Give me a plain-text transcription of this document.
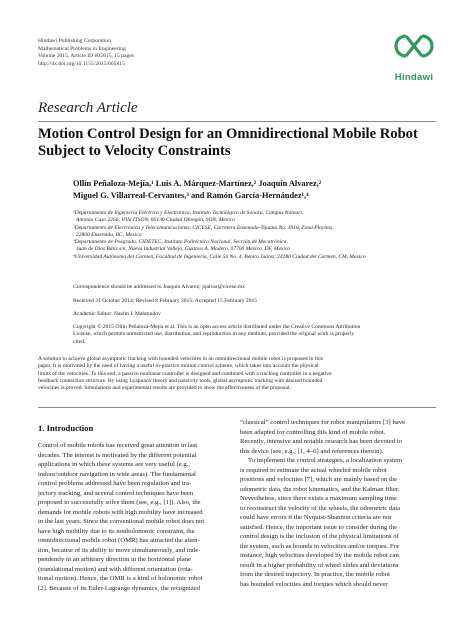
Hindawi Publishing Corporation
Mathematical Problems in Engineering
Volume 2015, Article ID 605815, 15 pages
http://dx.doi.org/10.1155/2015/605815
Hindawi
Research Article
Motion Control Design for an Omnidirectional Mobile Robot
Subject to Velocity Constraints
Ollin Peñaloza-Mejía,¹ Luis A. Márquez-Martínez,² Joaquín Alvarez,²
Miguel G. Villarreal-Cervantes,³ and Ramón García-Hernández¹,⁴
¹Departamento de Ingeniería Eléctrica y Electrónica, Instituto Tecnológico de Sonora, Campus Náinari,
Antonio Caso 2266, Villa ITSON, 85130 Ciudad Obregón, SON, Mexico
²Departamento de Electrónica y Telecomunicaciones, CICESE, Carretera Ensenada-Tijuana No. 3918, Zona Playitas,
22860 Ensenada, BC, Mexico
³Departamento de Posgrado, CIDETEC, Instituto Politécnico Nacional, Sección de Mecatrónica,
Juan de Dios Bátiz s/n, Nueva Industrial Vallejo, Gustavo A. Madero, 07700 México, DF, Mexico
⁴Universidad Autónoma del Carmen, Facultad de Ingeniería, Calle 56 No. 4, Benito Juárez, 24180 Ciudad del Carmen, CM, Mexico
Correspondence should be addressed to Joaquín Alvarez; jqalvar@cicese.mx
Received 31 October 2014; Revised 8 February 2015; Accepted 15 February 2015
Academic Editor: Nazim I. Mahmudov
Copyright © 2015 Ollin Peñaloza-Mejía et al. This is an open access article distributed under the Creative Commons Attribution
License, which permits unrestricted use, distribution, and reproduction in any medium, provided the original work is properly
cited.
A solution to achieve global asymptotic tracking with bounded velocities in an omnidirectional mobile robot is proposed in this
paper. It is motivated by the need of having a useful in-practice motion control scheme, which takes into account the physical
limits of the velocities. To this end, a passive nonlinear controller is designed and combined with a tracking controller in a negative
feedback connection structure. By using Lyapunov theory and passivity tools, global asymptotic tracking with desired bounded
velocities is proved. Simulations and experimental results are provided to show the effectiveness of the proposal.
1. Introduction
Control of mobile robots has received great attention in last
decades. The interest is motivated by the different potential
applications in which these systems are very useful (e.g.,
indoor/outdoor navigation in wide areas). The fundamental
control problems addressed have been regulation and tra-
jectory tracking, and several control techniques have been
proposed to successfully solve them (see, e.g., [1]). Also, the
demands for mobile robots with high mobility have increased
in the last years. Since the conventional mobile robot does not
have high mobility due to its nonholonomic constraint, the
omnidirectional mobile robot (OMR) has attracted the atten-
tion, because of its ability to move simultaneously, and inde-
pendently in an arbitrary direction in the horizontal plane
(translational motion) and with different orientation (rota-
tional motion). Hence, the OMR is a kind of holonomic robot
[2]. Because of its Euler-Lagrange dynamics, the recognized
“classical” control techniques for robot manipulators [3] have
been adapted for controlling this kind of mobile robot.
Recently, intensive and notable research has been devoted to
this device (see, e.g., [1, 4–6] and references therein).
To implement the control strategies, a localization system
is required to estimate the actual wheeled mobile robot
positions and velocities [7], which are mainly based on the
odometric data, the robot kinematics, and the Kalman filter.
Nevertheless, since there exists a maximum sampling time
to reconstruct the velocity of the wheels, the odometric data
could have errors if the Nyquist-Shannon criteria are not
satisfied. Hence, the important issue to consider during the
control design is the inclusion of the physical limitations of
the system, such as bounds in velocities and/or torques. For
instance, high velocities developed by the mobile robot can
result in a higher probability of wheel slides and deviations
from the desired trajectory. In practice, the mobile robot
has bounded velocities and torques which should never
